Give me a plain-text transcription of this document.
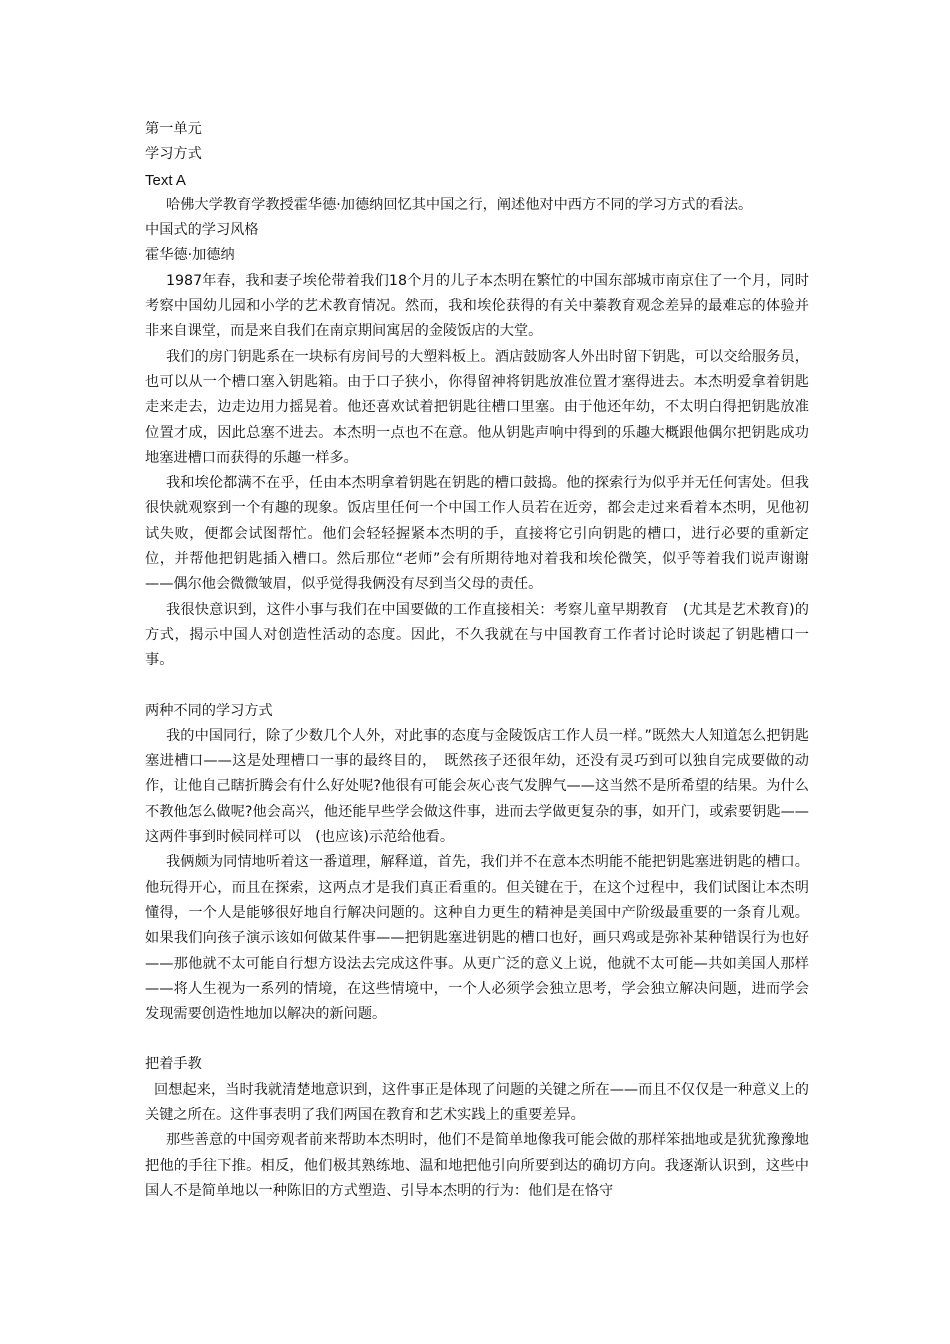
第一单元
学习方式
Text A
哈佛大学教育学教授霍华德·加德纳回忆其中国之行，阐述他对中西方不同的学习方式的看法。
中国式的学习风格
霍华德·加德纳
1987年春，我和妻子埃伦带着我们18个月的儿子本杰明在繁忙的中国东部城市南京住了一个月，同时考察中国幼儿园和小学的艺术教育情况。然而，我和埃伦获得的有关中蓁教育观念差异的最难忘的体验并非来自课堂，而是来自我们在南京期间寓居的金陵饭店的大堂。
我们的房门钥匙系在一块标有房间号的大塑料板上。酒店鼓励客人外出时留下钥匙，可以交给服务员，也可以从一个槽口塞入钥匙箱。由于口子狭小，你得留神将钥匙放准位置才塞得进去。本杰明爱拿着钥匙走来走去，边走边用力摇晃着。他还喜欢试着把钥匙往槽口里塞。由于他还年幼，不太明白得把钥匙放准位置才成，因此总塞不进去。本杰明一点也不在意。他从钥匙声响中得到的乐趣大概跟他偶尔把钥匙成功地塞进槽口而获得的乐趣一样多。
我和埃伦都满不在乎，任由本杰明拿着钥匙在钥匙的槽口鼓捣。他的探索行为似乎并无任何害处。但我很快就观察到一个有趣的现象。饭店里任何一个中国工作人员若在近旁，都会走过来看着本杰明，见他初试失败，便都会试图帮忙。他们会轻轻握紧本杰明的手，直接将它引向钥匙的槽口，进行必要的重新定位，并帮他把钥匙插入槽口。然后那位“老师”会有所期待地对着我和埃伦微笑，似乎等着我们说声谢谢——偶尔他会微微皱眉，似乎觉得我俩没有尽到当父母的责任。
我很快意识到，这件小事与我们在中国要做的工作直接相关：考察儿童早期教育　(尤其是艺术教育)的方式，揭示中国人对创造性活动的态度。因此，不久我就在与中国教育工作者讨论时谈起了钥匙槽口一事。
两种不同的学习方式
我的中国同行，除了少数几个人外，对此事的态度与金陵饭店工作人员一样。”既然大人知道怎么把钥匙塞进槽口——这是处理槽口一事的最终目的，　既然孩子还很年幼，还没有灵巧到可以独自完成要做的动作，让他自己瞎折腾会有什么好处呢?他很有可能会灰心丧气发脾气——这当然不是所希望的结果。为什么不教他怎么做呢?他会高兴，他还能早些学会做这件事，进而去学做更复杂的事，如开门，或索要钥匙——这两件事到时候同样可以　(也应该)示范给他看。
我俩颇为同情地听着这一番道理，解释道，首先，我们并不在意本杰明能不能把钥匙塞进钥匙的槽口。他玩得开心，而且在探索，这两点才是我们真正看重的。但关键在于，在这个过程中，我们试图让本杰明懂得，一个人是能够很好地自行解决问题的。这种自力更生的精神是美国中产阶级最重要的一条育儿观。如果我们向孩子演示该如何做某件事——把钥匙塞进钥匙的槽口也好，画只鸡或是弥补某种错误行为也好——那他就不太可能自行想方设法去完成这件事。从更广泛的意义上说，他就不太可能—共如美国人那样——将人生视为一系列的情境，在这些情境中，一个人必须学会独立思考，学会独立解决问题，进而学会发现需要创造性地加以解决的新问题。
把着手教
回想起来，当时我就清楚地意识到，这件事正是体现了问题的关键之所在——而且不仅仅是一种意义上的关键之所在。这件事表明了我们两国在教育和艺术实践上的重要差异。
那些善意的中国旁观者前来帮助本杰明时，他们不是简单地像我可能会做的那样笨拙地或是犹犹豫豫地把他的手往下推。相反，他们极其熟练地、温和地把他引向所要到达的确切方向。我逐渐认识到，这些中国人不是简单地以一种陈旧的方式塑造、引导本杰明的行为：他们是在恪守
